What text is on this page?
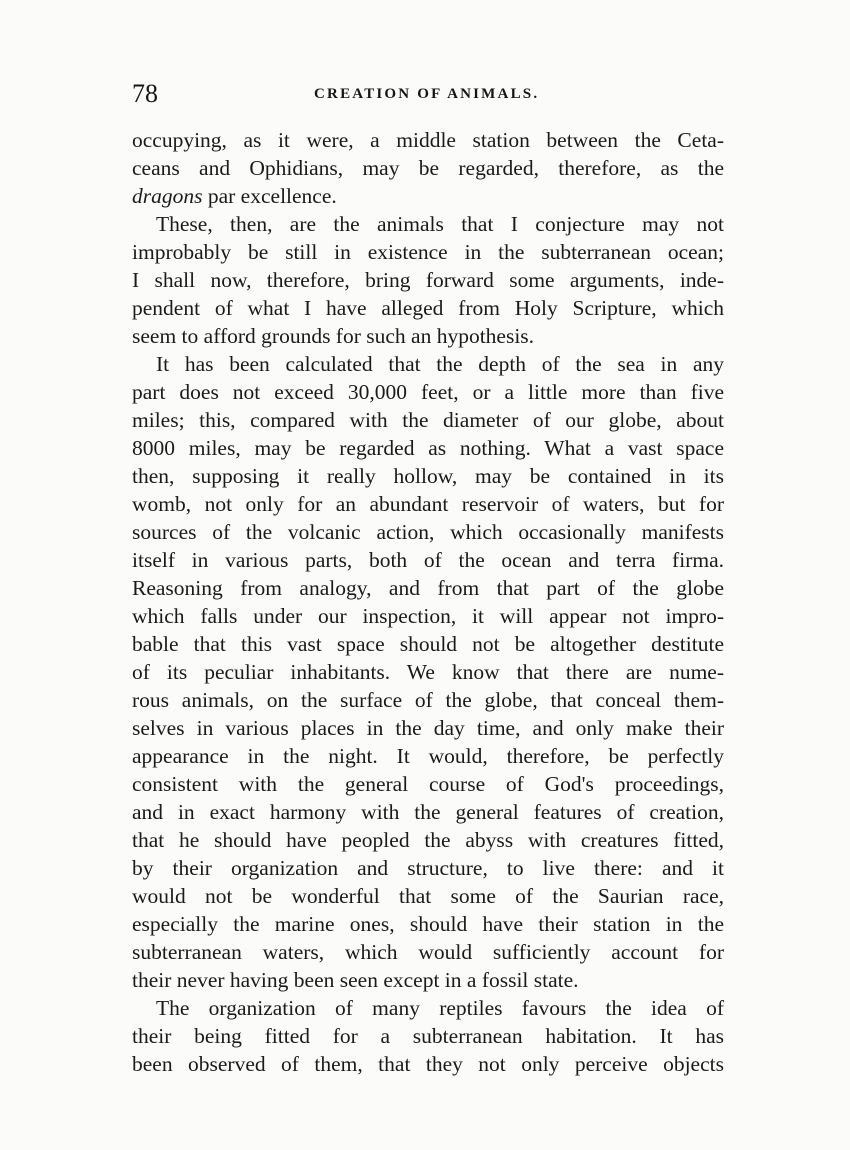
78	CREATION OF ANIMALS.
occupying, as it were, a middle station between the Ceta-
ceans and Ophidians, may be regarded, therefore, as the
dragons par excellence.
These, then, are the animals that I conjecture may not
improbably be still in existence in the subterranean ocean;
I shall now, therefore, bring forward some arguments, inde-
pendent of what I have alleged from Holy Scripture, which
seem to afford grounds for such an hypothesis.
It has been calculated that the depth of the sea in any
part does not exceed 30,000 feet, or a little more than five
miles; this, compared with the diameter of our globe, about
8000 miles, may be regarded as nothing. What a vast space
then, supposing it really hollow, may be contained in its
womb, not only for an abundant reservoir of waters, but for
sources of the volcanic action, which occasionally manifests
itself in various parts, both of the ocean and terra firma.
Reasoning from analogy, and from that part of the globe
which falls under our inspection, it will appear not impro-
bable that this vast space should not be altogether destitute
of its peculiar inhabitants. We know that there are nume-
rous animals, on the surface of the globe, that conceal them-
selves in various places in the day time, and only make their
appearance in the night. It would, therefore, be perfectly
consistent with the general course of God's proceedings,
and in exact harmony with the general features of creation,
that he should have peopled the abyss with creatures fitted,
by their organization and structure, to live there: and it
would not be wonderful that some of the Saurian race,
especially the marine ones, should have their station in the
subterranean waters, which would sufficiently account for
their never having been seen except in a fossil state.
The organization of many reptiles favours the idea of
their being fitted for a subterranean habitation. It has
been observed of them, that they not only perceive objects
